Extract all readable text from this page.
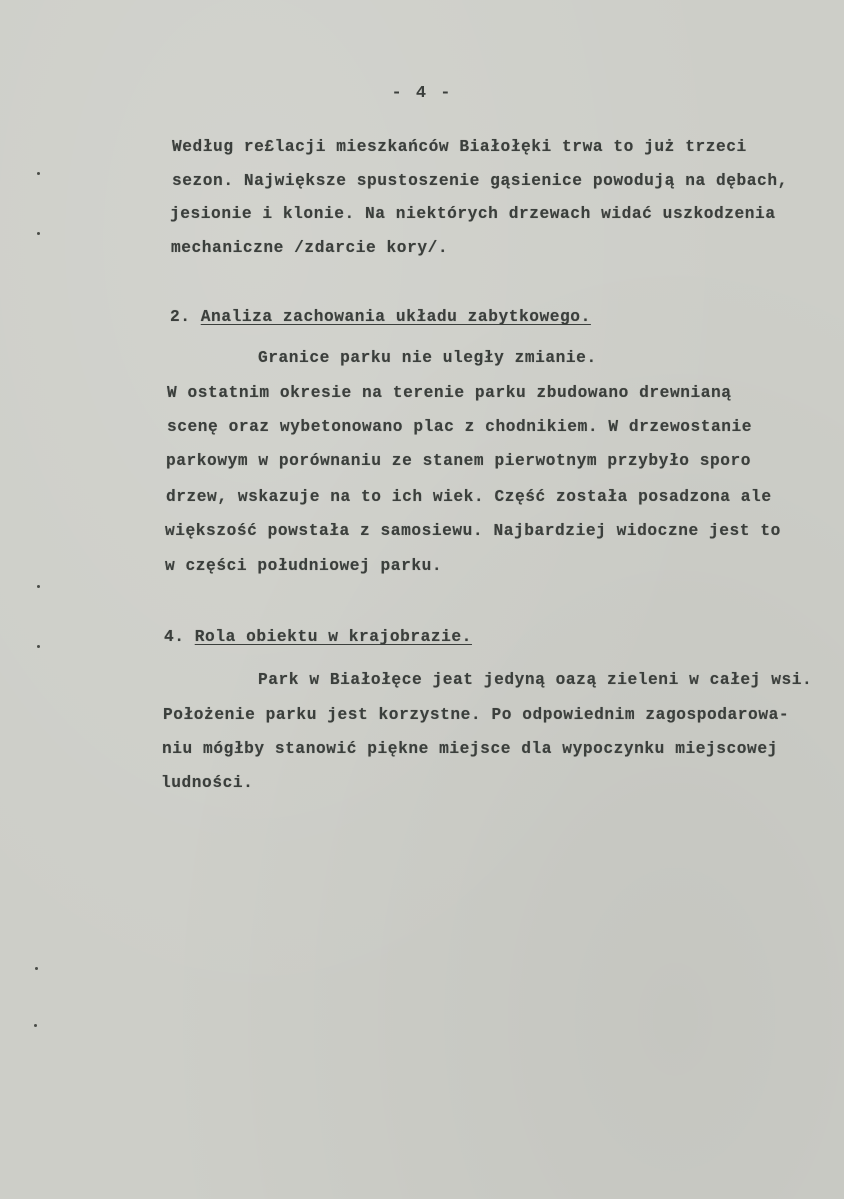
- 4 -
Według re£lacji mieszkańców Białołęki trwa to już trzeci
sezon. Największe spustoszenie gąsienice powodują na dębach,
jesionie i klonie. Na niektórych drzewach widać uszkodzenia
mechaniczne /zdarcie kory/.
2. Analiza zachowania układu zabytkowego.
Granice parku nie uległy zmianie.
W ostatnim okresie na terenie parku zbudowano drewnianą
scenę oraz wybetonowano plac z chodnikiem. W drzewostanie
parkowym w porównaniu ze stanem pierwotnym przybyło sporo
drzew, wskazuje na to ich wiek. Część została posadzona ale
większość powstała z samosiewu. Najbardziej widoczne jest to
w części południowej parku.
4. Rola obiektu w krajobrazie.
Park w Białołęce jeat jedyną oazą zieleni w całej wsi.
Położenie parku jest korzystne. Po odpowiednim zagospodarowa-
niu mógłby stanowić piękne miejsce dla wypoczynku miejscowej
ludności.
